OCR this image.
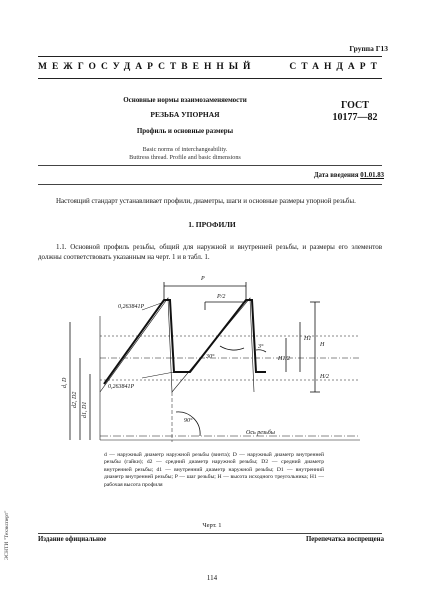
Группа Г13
МЕЖГОСУДАРСТВЕННЫЙ	СТАНДАРТ
Основные нормы взаимозаменяемости
РЕЗЬБА УПОРНАЯ
Профиль и основные размеры
Basic norms of interchangeability.
Buttress thread. Profile and basic dimensions
ГОСТ
10177—82
Дата введения 01.01.83
Настоящий стандарт устанавливает профили, диаметры, шаги и основные размеры упорной резьбы.
1. ПРОФИЛИ
1.1. Основной профиль резьбы, общий для наружной и внутренней резьбы, и размеры его элементов должны соответствовать указанным на черт. 1 и в табл. 1.
P
P/2
0,263841P
0,263841P
30°
3°
90°
H1
H1/2
H
H/2
d, D
d2, D2
d1, D1
Ось резьбы
d — наружный диаметр наружной резьбы (винта); D — наружный диаметр внутренней резьбы (гайки); d2 — средний диаметр наружной резьбы; D2 — средний диаметр внутренней резьбы; d1 — внутренний диаметр наружной резьбы; D1 — внутренний диаметр внутренней резьбы; P — шаг резьбы; H — высота исходного треугольника; H1 — рабочая высота профиля
Черт. 1
Издание официальное	Перепечатка воспрещена
114
ЭСНТИ "Техэксперт"
